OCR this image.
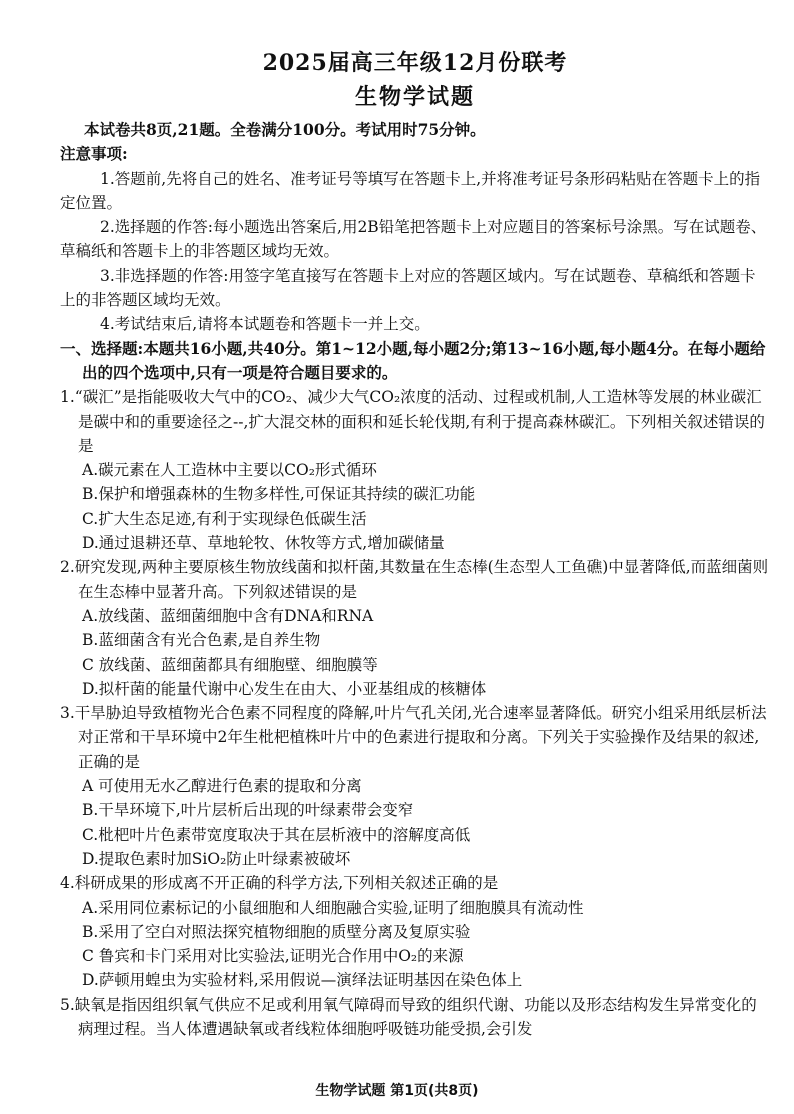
2025届高三年级12月份联考
生物学试题

本试卷共8页,21题。全卷满分100分。考试用时75分钟。

注意事项:

1.答题前,先将自己的姓名、准考证号等填写在答题卡上,并将准考证号条形码粘贴在答题卡上的指定位置。

2.选择题的作答:每小题选出答案后,用2B铅笔把答题卡上对应题目的答案标号涂黑。写在试题卷、草稿纸和答题卡上的非答题区域均无效。

3.非选择题的作答:用签字笔直接写在答题卡上对应的答题区域内。写在试题卷、草稿纸和答题卡上的非答题区域均无效。

4.考试结束后,请将本试题卷和答题卡一并上交。

一、选择题:本题共16小题,共40分。第1~12小题,每小题2分;第13~16小题,每小题4分。在每小题给出的四个选项中,只有一项是符合题目要求的。

1.“碳汇”是指能吸收大气中的CO₂、减少大气CO₂浓度的活动、过程或机制,人工造林等发展的林业碳汇是碳中和的重要途径之--,扩大混交林的面积和延长轮伐期,有利于提高森林碳汇。下列相关叙述错误的是

A.碳元素在人工造林中主要以CO₂形式循环

B.保护和增强森林的生物多样性,可保证其持续的碳汇功能

C.扩大生态足迹,有利于实现绿色低碳生活

D.通过退耕还草、草地轮牧、休牧等方式,增加碳储量

2.研究发现,两种主要原核生物放线菌和拟杆菌,其数量在生态棒(生态型人工鱼礁)中显著降低,而蓝细菌则在生态棒中显著升高。下列叙述错误的是

A.放线菌、蓝细菌细胞中含有DNA和RNA

B.蓝细菌含有光合色素,是自养生物

C 放线菌、蓝细菌都具有细胞壁、细胞膜等

D.拟杆菌的能量代谢中心发生在由大、小亚基组成的核糖体

3.干旱胁迫导致植物光合色素不同程度的降解,叶片气孔关闭,光合速率显著降低。研究小组采用纸层析法对正常和干旱环境中2年生枇杷植株叶片中的色素进行提取和分离。下列关于实验操作及结果的叙述,正确的是

A 可使用无水乙醇进行色素的提取和分离

B.干旱环境下,叶片层析后出现的叶绿素带会变窄

C.枇杷叶片色素带宽度取决于其在层析液中的溶解度高低

D.提取色素时加SiO₂防止叶绿素被破坏

4.科研成果的形成离不开正确的科学方法,下列相关叙述正确的是

A.采用同位素标记的小鼠细胞和人细胞融合实验,证明了细胞膜具有流动性

B.采用了空白对照法探究植物细胞的质壁分离及复原实验

C 鲁宾和卡门采用对比实验法,证明光合作用中O₂的来源

D.萨顿用蝗虫为实验材料,采用假说—演绎法证明基因在染色体上

5.缺氧是指因组织氧气供应不足或利用氧气障碍而导致的组织代谢、功能以及形态结构发生异常变化的病理过程。当人体遭遇缺氧或者线粒体细胞呼吸链功能受损,会引发

生物学试题 第1页(共8页)
